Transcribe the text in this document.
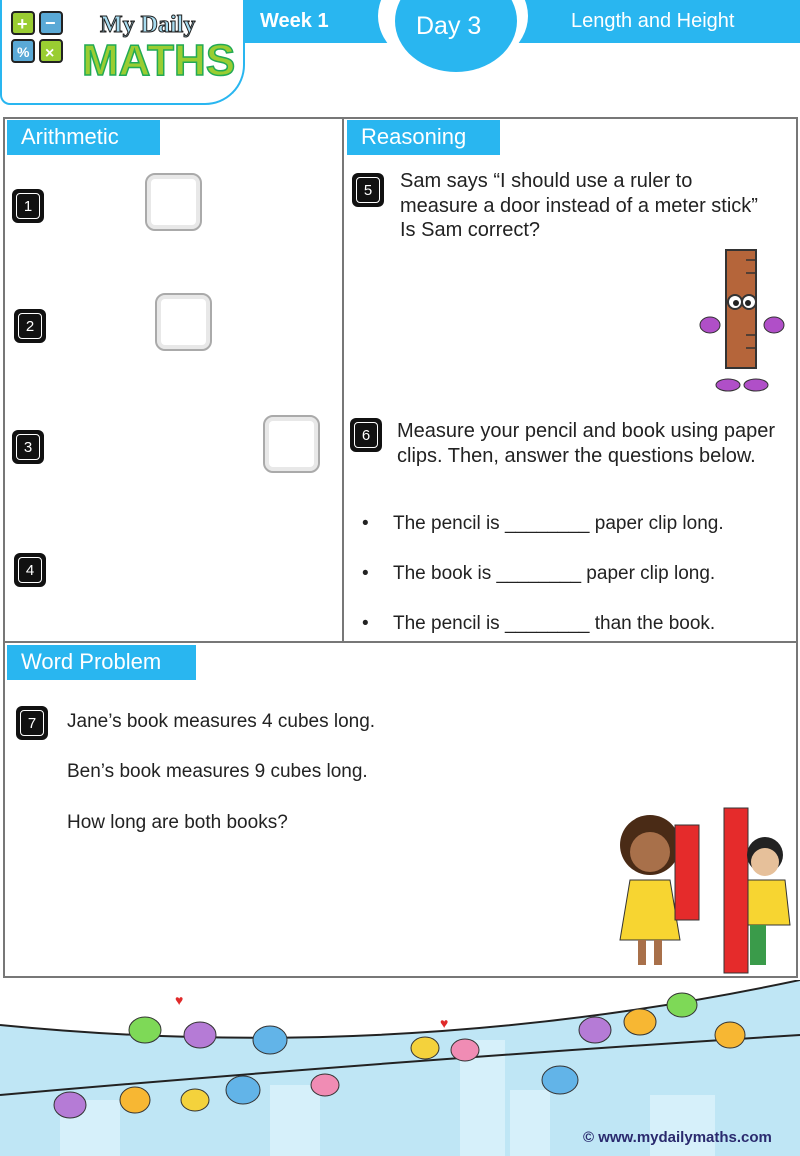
Week 1	Day 3	Length and Height
+ −
% ×
My Daily
MATHS
Arithmetic
1
2
3
4
Reasoning
5	Sam says “I should use a ruler to measure a door instead of a meter stick” Is Sam correct?
6	Measure your pencil and book using paper clips. Then, answer the questions below.
• The pencil is ________ paper clip long.
• The book is ________ paper clip long.
• The pencil is ________ than the book.
Word Problem
7	Jane’s book measures 4 cubes long.
Ben’s book measures 9 cubes long.
How long are both books?
♥
♥
© www.mydailymaths.com
